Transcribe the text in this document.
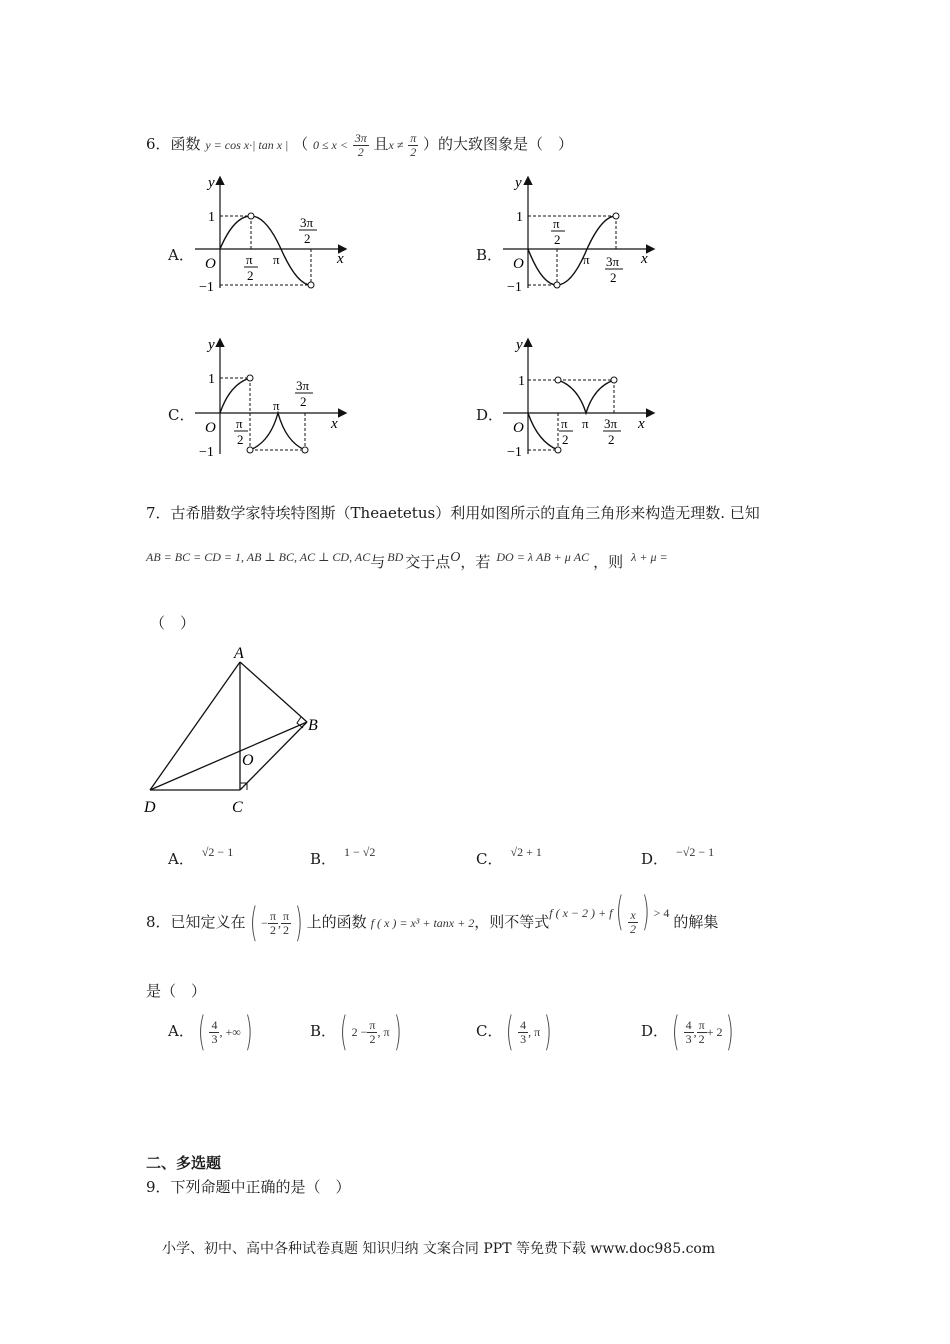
6．函数 y = cos x·| tan x | （ $0 \le x < \frac{3\pi}{2}$ 且$x \ne \frac{\pi}{2}$ ）的大致图象是（　）
A．	B．
C．	D．
y
x
O
1
−1
π
2
π
3π
2
y
x
O
1
−1
π
2
π 3π
2
y
x
O
1
−1
π
2
π
3π
2
y
x
O
1
−1
π
2
π 3π
2
7．古希腊数学家特埃特图斯（Theaetetus）利用如图所示的直角三角形来构造无理数. 已知
$^{AB = BC = CD = 1, AB \perp BC, AC \perp CD, AC}$与 $^{BD}$ 交于点O，若 $^{DO = \lambda AB + \mu AC}$ ，则 $^{\lambda + \mu =}$
（　）
A
B
C
D
O
A． $^{√2 - 1}$	B． $^{1 - √2}$	C． $^{√2 + 1}$	D． $^{-√2 - 1}$
8．已知定义在( − $\frac{\pi}{2}$ , $\frac{\pi}{2}$ ) 上的函数 f ( x ) = x³ + tanx + 2，则不等式$^{f ( x - 2 ) + f}( \frac{x}{2}$ ) $^{> 4}$ 的解集
是（　）
A．( $\frac{4}{3}$ , +∞)	B．( $2 - \frac{\pi}{2}$ , π)	C．( $\frac{4}{3}$ , π)	D．( $\frac{4}{3}$ , $\frac{\pi}{2} + 2$)
二、多选题
9．下列命题中正确的是（　）
小学、初中、高中各种试卷真题 知识归纳 文案合同 PPT 等免费下载 www.doc985.com
